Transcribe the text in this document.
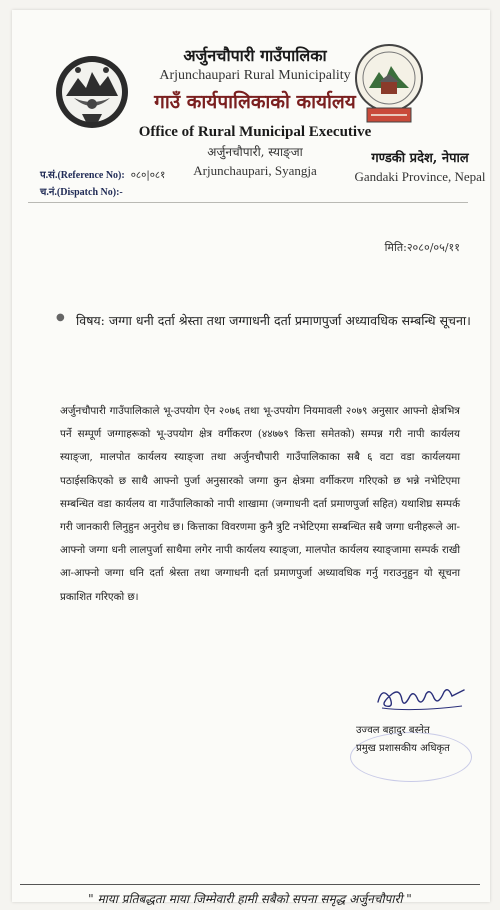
अर्जुनचौपारी गाउँपालिका
Arjunchaupari Rural Municipality
गाउँ कार्यपालिकाको कार्यालय
Office of Rural Municipal Executive
अर्जुनचौपारी, स्याङ्जा
Arjunchaupari, Syangja
गण्डकी प्रदेश, नेपाल
Gandaki Province, Nepal
प.सं.(Reference No): ०८०|०८१
च.नं.(Dispatch No):-
मिति:२०८०/०५/११
● विषय: जग्गा धनी दर्ता श्रेस्ता तथा जग्गाधनी दर्ता प्रमाणपुर्जा अध्यावधिक सम्बन्धि सूचना।
अर्जुनचौपारी गाउँपालिकाले भू-उपयोग ऐन २०७६ तथा भू-उपयोग नियमावली २०७९ अनुसार आफ्नो क्षेत्रभित्र पर्ने सम्पूर्ण जग्गाहरूको भू-उपयोग क्षेत्र वर्गीकरण (४४७७९ कित्ता समेतको) सम्पन्न गरी नापी कार्यलय स्याङ्जा, मालपोत कार्यलय स्याङ्जा तथा अर्जुनचौपारी गाउँपालिकाका सबै ६ वटा वडा कार्यलयमा पठाईसकिएको छ साथै आफ्नो पुर्जा अनुसारको जग्गा कुन क्षेत्रमा वर्गीकरण गरिएको छ भन्ने नभेटिएमा सम्बन्धित वडा कार्यलय वा गाउँपालिकाको नापी शाखामा (जग्गाधनी दर्ता प्रमाणपुर्जा सहित) यथाशिघ्र सम्पर्क गरी जानकारी लिनुहुन अनुरोध छ। कित्ताका विवरणमा कुनै त्रुटि नभेटिएमा सम्बन्धित सबै जग्गा धनीहरूले आ-आफ्नो जग्गा धनी लालपुर्जा साथैमा लगेर नापी कार्यलय स्याङ्जा, मालपोत कार्यलय स्याङ्जामा सम्पर्क राखी आ-आफ्नो जग्गा धनि दर्ता श्रेस्ता तथा जग्गाधनी दर्ता प्रमाणपुर्जा अध्यावधिक गर्नु गराउनुहुन यो सूचना प्रकाशित गरिएको छ।
उज्वल बहादुर बस्नेत
प्रमुख प्रशासकीय अधिकृत
" माया प्रतिबद्धता माया जिम्मेवारी हामी सबैको सपना समृद्ध अर्जुनचौपारी "
